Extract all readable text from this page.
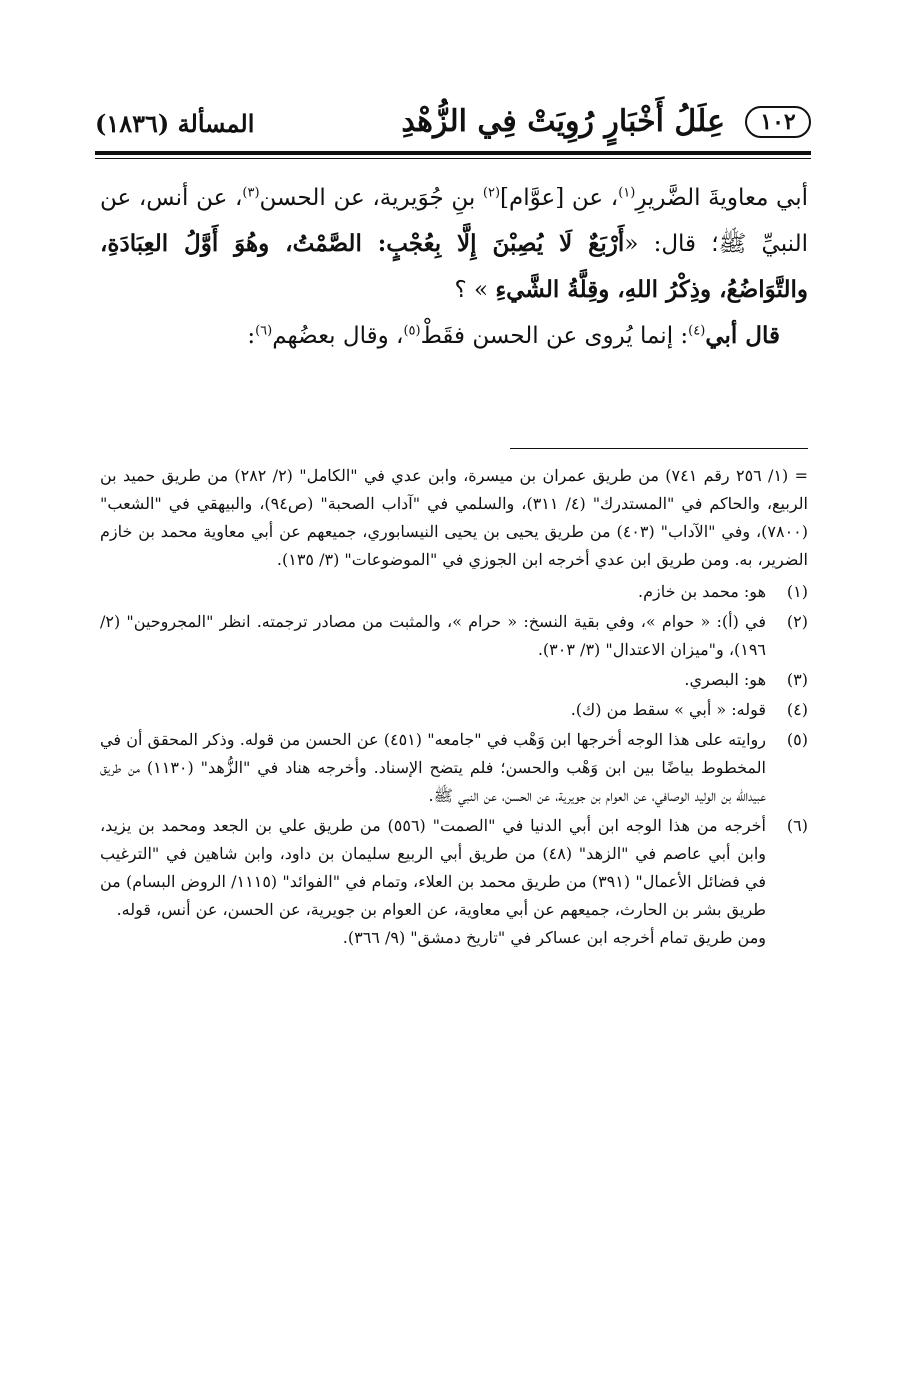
١٠٢
عِلَلُ أَخْبَارٍ رُوِيَتْ فِي الزُّهْدِ
المسألة (١٨٣٦)

أبي معاويةَ الضَّريرِ$^{(١)}$، عن [عوَّام]$^{(٢)}$ بنِ جُوَيرية، عن الحسن$^{(٣)}$، عن أنس، عن النبيِّ ﷺ؛ قال: «أَرْبَعٌ لَا يُصِبْنَ إِلَّا بِعُجْبٍ: الصَّمْتُ، وهُوَ أَوَّلُ العِبَادَةِ، والتَّوَاضُعُ، وذِكْرُ اللهِ، وقِلَّةُ الشَّيءِ » ؟

قال أبي$^{(٤)}$: إنما يُروى عن الحسن فقَطْ$^{(٥)}$، وقال بعضُهم$^{(٦)}$:

= (١/ ٢٥٦ رقم ٧٤١) من طريق عمران بن ميسرة، وابن عدي في "الكامل" (٢/ ٢٨٢) من طريق حميد بن الربيع، والحاكم في "المستدرك" (٤/ ٣١١)، والسلمي في "آداب الصحبة" (ص٩٤)، والبيهقي في "الشعب" (٧٨٠٠)، وفي "الآداب" (٤٠٣) من طريق يحيى بن يحيى النيسابوري، جميعهم عن أبي معاوية محمد بن خازم الضرير، به. ومن طريق ابن عدي أخرجه ابن الجوزي في "الموضوعات" (٣/ ١٣٥).

(١)
هو: محمد بن خازم.
(٢)
في (أ): « حوام »، وفي بقية النسخ: « حرام »، والمثبت من مصادر ترجمته. انظر "المجروحين" (٢/ ١٩٦)، و"ميزان الاعتدال" (٣/ ٣٠٣).
(٣)
هو: البصري.
(٤)
قوله: « أبي » سقط من (ك).
(٥)
روايته على هذا الوجه أخرجها ابن وَهْب في "جامعه" (٤٥١) عن الحسن من قوله. وذكر المحقق أن في المخطوط بياضًا بين ابن وَهْب والحسن؛ فلم يتضح الإسناد. وأخرجه هناد في "الزُّهد" (١١٣٠) من طريق عبيدالله بن الوليد الوصافي، عن العوام بن جويرية، عن الحسن، عن النبي ﷺ.
(٦)
أخرجه من هذا الوجه ابن أبي الدنيا في "الصمت" (٥٥٦) من طريق علي بن الجعد ومحمد بن يزيد، وابن أبي عاصم في "الزهد" (٤٨) من طريق أبي الربيع سليمان بن داود، وابن شاهين في "الترغيب في فضائل الأعمال" (٣٩١) من طريق محمد بن العلاء، وتمام في "الفوائد" (١١١٥/ الروض البسام) من طريق بشر بن الحارث، جميعهم عن أبي معاوية، عن العوام بن جويرية، عن الحسن، عن أنس، قوله.
ومن طريق تمام أخرجه ابن عساكر في "تاريخ دمشق" (٩/ ٣٦٦).
